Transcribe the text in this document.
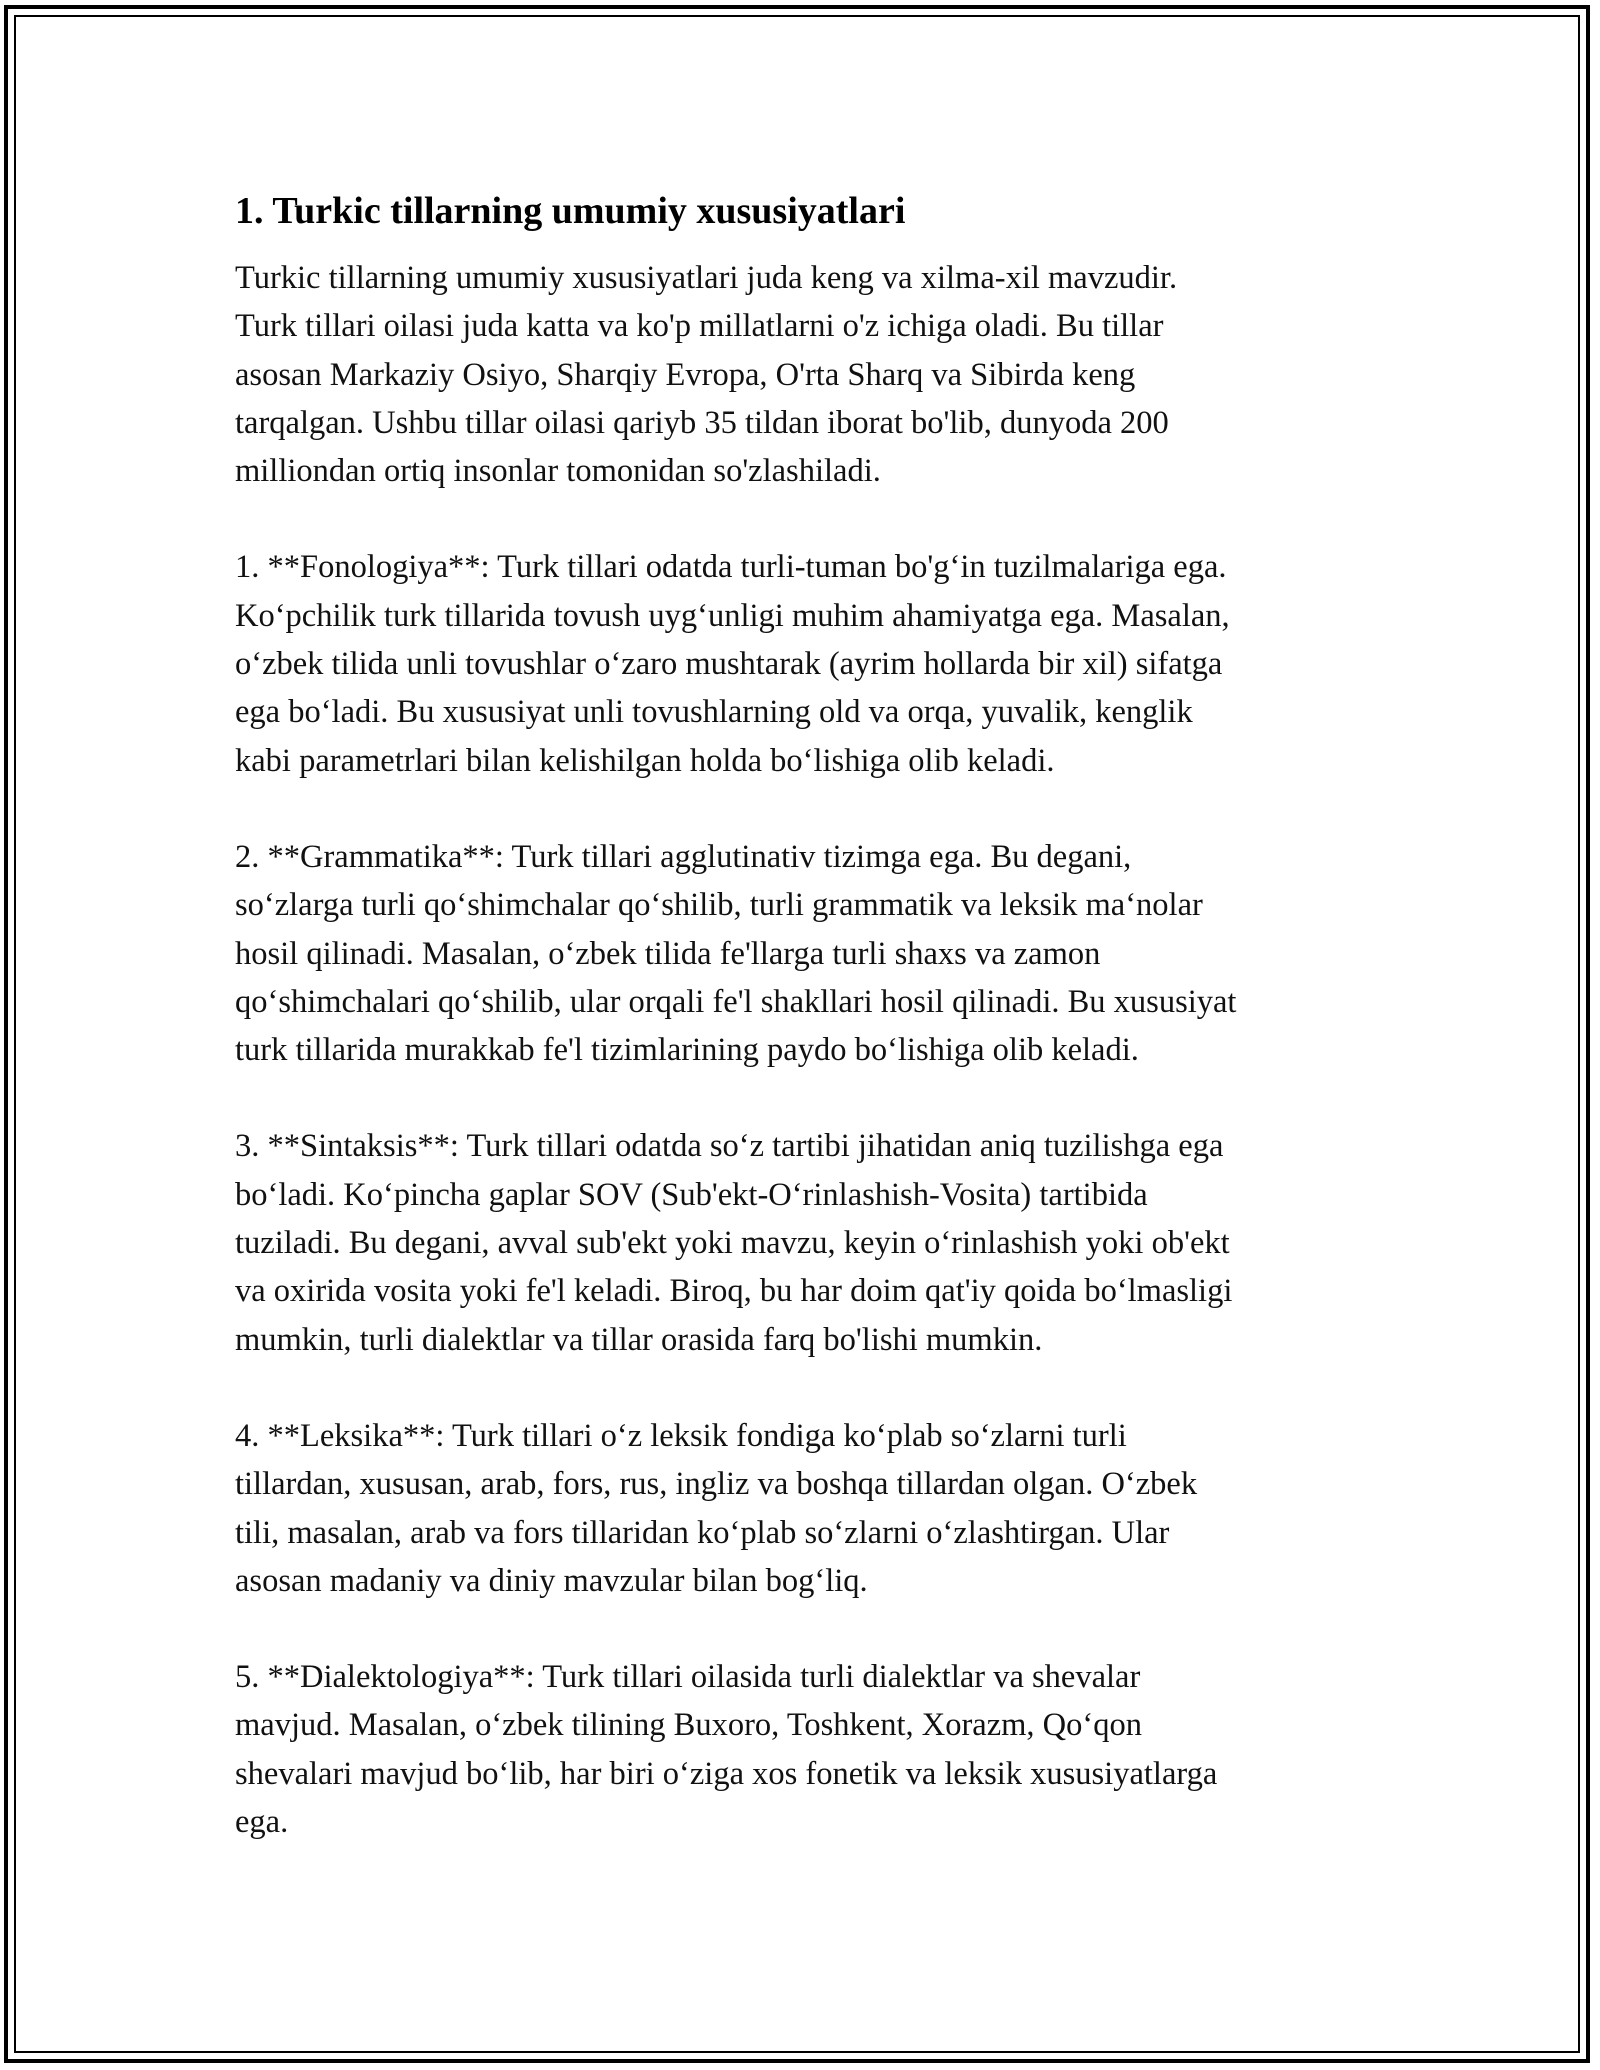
1. Turkic tillarning umumiy xususiyatlari

Turkic tillarning umumiy xususiyatlari juda keng va xilma-xil mavzudir.
Turk tillari oilasi juda katta va ko'p millatlarni o'z ichiga oladi. Bu tillar
asosan Markaziy Osiyo, Sharqiy Evropa, O'rta Sharq va Sibirda keng
tarqalgan. Ushbu tillar oilasi qariyb 35 tildan iborat bo'lib, dunyoda 200
milliondan ortiq insonlar tomonidan so'zlashiladi.

1. **Fonologiya**: Turk tillari odatda turli-tuman bo'g‘in tuzilmalariga ega.
Ko‘pchilik turk tillarida tovush uyg‘unligi muhim ahamiyatga ega. Masalan,
o‘zbek tilida unli tovushlar o‘zaro mushtarak (ayrim hollarda bir xil) sifatga
ega bo‘ladi. Bu xususiyat unli tovushlarning old va orqa, yuvalik, kenglik
kabi parametrlari bilan kelishilgan holda bo‘lishiga olib keladi.

2. **Grammatika**: Turk tillari agglutinativ tizimga ega. Bu degani,
so‘zlarga turli qo‘shimchalar qo‘shilib, turli grammatik va leksik ma‘nolar
hosil qilinadi. Masalan, o‘zbek tilida fe'llarga turli shaxs va zamon
qo‘shimchalari qo‘shilib, ular orqali fe'l shakllari hosil qilinadi. Bu xususiyat
turk tillarida murakkab fe'l tizimlarining paydo bo‘lishiga olib keladi.

3. **Sintaksis**: Turk tillari odatda so‘z tartibi jihatidan aniq tuzilishga ega
bo‘ladi. Ko‘pincha gaplar SOV (Sub'ekt-O‘rinlashish-Vosita) tartibida
tuziladi. Bu degani, avval sub'ekt yoki mavzu, keyin o‘rinlashish yoki ob'ekt
va oxirida vosita yoki fe'l keladi. Biroq, bu har doim qat'iy qoida bo‘lmasligi
mumkin, turli dialektlar va tillar orasida farq bo'lishi mumkin.

4. **Leksika**: Turk tillari o‘z leksik fondiga ko‘plab so‘zlarni turli
tillardan, xususan, arab, fors, rus, ingliz va boshqa tillardan olgan. O‘zbek
tili, masalan, arab va fors tillaridan ko‘plab so‘zlarni o‘zlashtirgan. Ular
asosan madaniy va diniy mavzular bilan bog‘liq.

5. **Dialektologiya**: Turk tillari oilasida turli dialektlar va shevalar
mavjud. Masalan, o‘zbek tilining Buxoro, Toshkent, Xorazm, Qo‘qon
shevalari mavjud bo‘lib, har biri o‘ziga xos fonetik va leksik xususiyatlarga
ega.
